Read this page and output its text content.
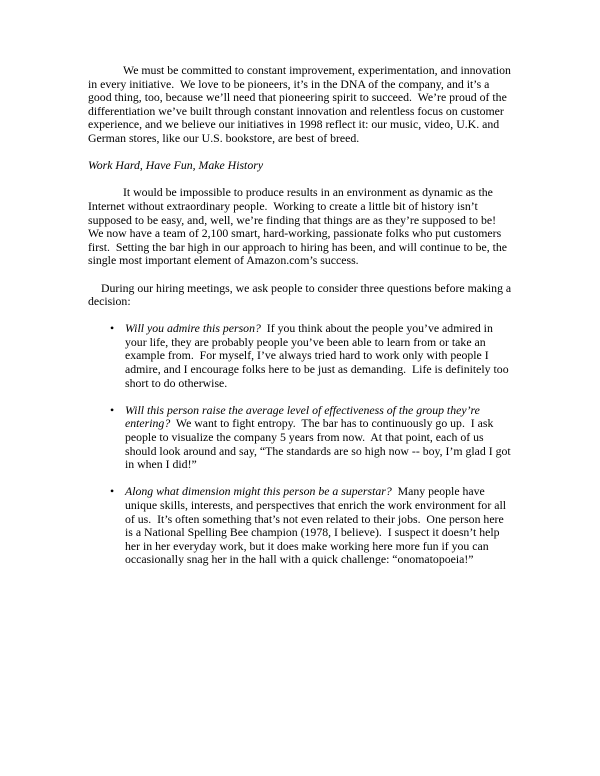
We must be committed to constant improvement, experimentation, and innovation in every initiative.  We love to be pioneers, it’s in the DNA of the company, and it’s a good thing, too, because we’ll need that pioneering spirit to succeed.  We’re proud of the differentiation we’ve built through constant innovation and relentless focus on customer experience, and we believe our initiatives in 1998 reflect it: our music, video, U.K. and German stores, like our U.S. bookstore, are best of breed.

Work Hard, Have Fun, Make History

It would be impossible to produce results in an environment as dynamic as the Internet without extraordinary people.  Working to create a little bit of history isn’t supposed to be easy, and, well, we’re finding that things are as they’re supposed to be!  We now have a team of 2,100 smart, hard-working, passionate folks who put customers first.  Setting the bar high in our approach to hiring has been, and will continue to be, the single most important element of Amazon.com’s success.

During our hiring meetings, we ask people to consider three questions before making a decision:

• Will you admire this person?  If you think about the people you’ve admired in your life, they are probably people you’ve been able to learn from or take an example from.  For myself, I’ve always tried hard to work only with people I admire, and I encourage folks here to be just as demanding.  Life is definitely too short to do otherwise.
• Will this person raise the average level of effectiveness of the group they’re entering?  We want to fight entropy.  The bar has to continuously go up.  I ask people to visualize the company 5 years from now.  At that point, each of us should look around and say, “The standards are so high now -- boy, I’m glad I got in when I did!”
• Along what dimension might this person be a superstar?  Many people have unique skills, interests, and perspectives that enrich the work environment for all of us.  It’s often something that’s not even related to their jobs.  One person here is a National Spelling Bee champion (1978, I believe).  I suspect it doesn’t help her in her everyday work, but it does make working here more fun if you can occasionally snag her in the hall with a quick challenge: “onomatopoeia!”
